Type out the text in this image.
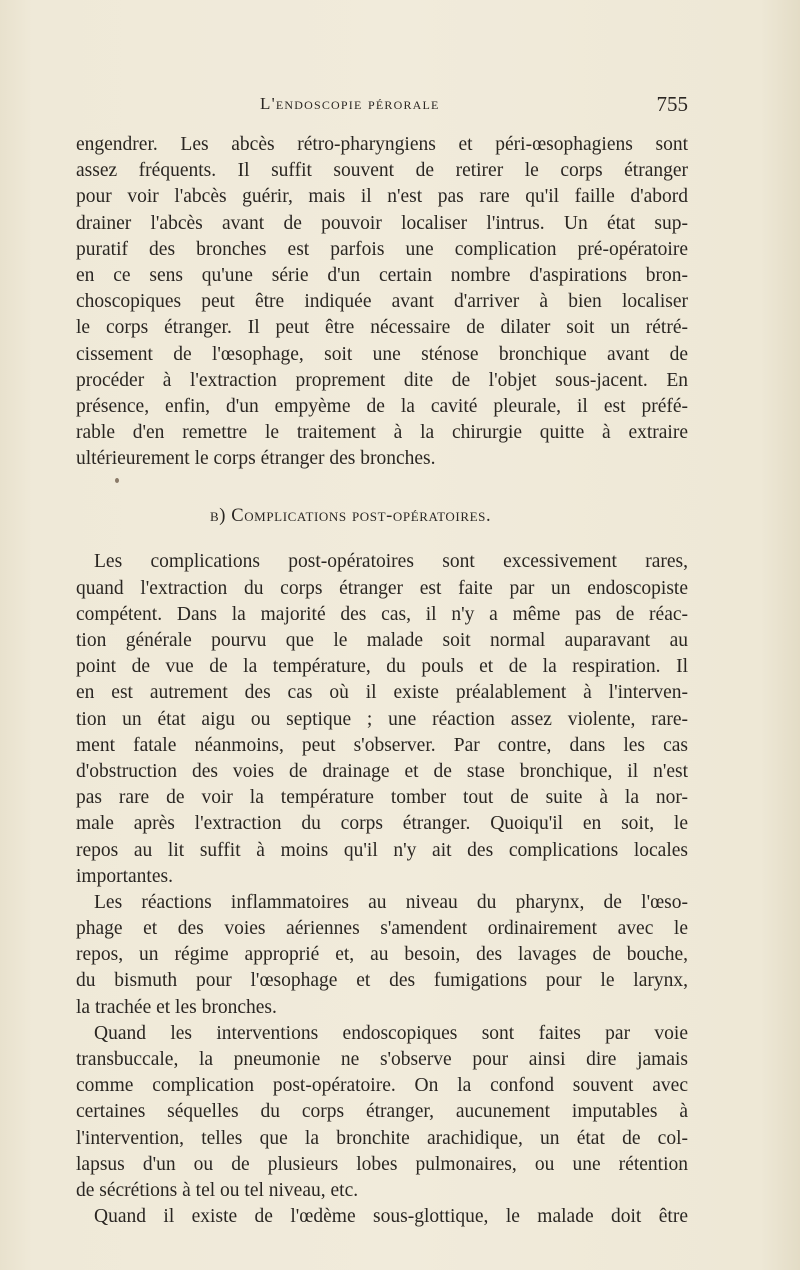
L'endoscopie pérorale	755
engendrer. Les abcès rétro-pharyngiens et péri-œsophagiens sont
assez fréquents. Il suffit souvent de retirer le corps étranger
pour voir l'abcès guérir, mais il n'est pas rare qu'il faille d'abord
drainer l'abcès avant de pouvoir localiser l'intrus. Un état sup-
puratif des bronches est parfois une complication pré-opératoire
en ce sens qu'une série d'un certain nombre d'aspirations bron-
choscopiques peut être indiquée avant d'arriver à bien localiser
le corps étranger. Il peut être nécessaire de dilater soit un rétré-
cissement de l'œsophage, soit une sténose bronchique avant de
procéder à l'extraction proprement dite de l'objet sous-jacent. En
présence, enfin, d'un empyème de la cavité pleurale, il est préfé-
rable d'en remettre le traitement à la chirurgie quitte à extraire
ultérieurement le corps étranger des bronches.
b) Complications post-opératoires.
Les complications post-opératoires sont excessivement rares,
quand l'extraction du corps étranger est faite par un endoscopiste
compétent. Dans la majorité des cas, il n'y a même pas de réac-
tion générale pourvu que le malade soit normal auparavant au
point de vue de la température, du pouls et de la respiration. Il
en est autrement des cas où il existe préalablement à l'interven-
tion un état aigu ou septique ; une réaction assez violente, rare-
ment fatale néanmoins, peut s'observer. Par contre, dans les cas
d'obstruction des voies de drainage et de stase bronchique, il n'est
pas rare de voir la température tomber tout de suite à la nor-
male après l'extraction du corps étranger. Quoiqu'il en soit, le
repos au lit suffit à moins qu'il n'y ait des complications locales
importantes.
Les réactions inflammatoires au niveau du pharynx, de l'œso-
phage et des voies aériennes s'amendent ordinairement avec le
repos, un régime approprié et, au besoin, des lavages de bouche,
du bismuth pour l'œsophage et des fumigations pour le larynx,
la trachée et les bronches.
Quand les interventions endoscopiques sont faites par voie
transbuccale, la pneumonie ne s'observe pour ainsi dire jamais
comme complication post-opératoire. On la confond souvent avec
certaines séquelles du corps étranger, aucunement imputables à
l'intervention, telles que la bronchite arachidique, un état de col-
lapsus d'un ou de plusieurs lobes pulmonaires, ou une rétention
de sécrétions à tel ou tel niveau, etc.
Quand il existe de l'œdème sous-glottique, le malade doit être
